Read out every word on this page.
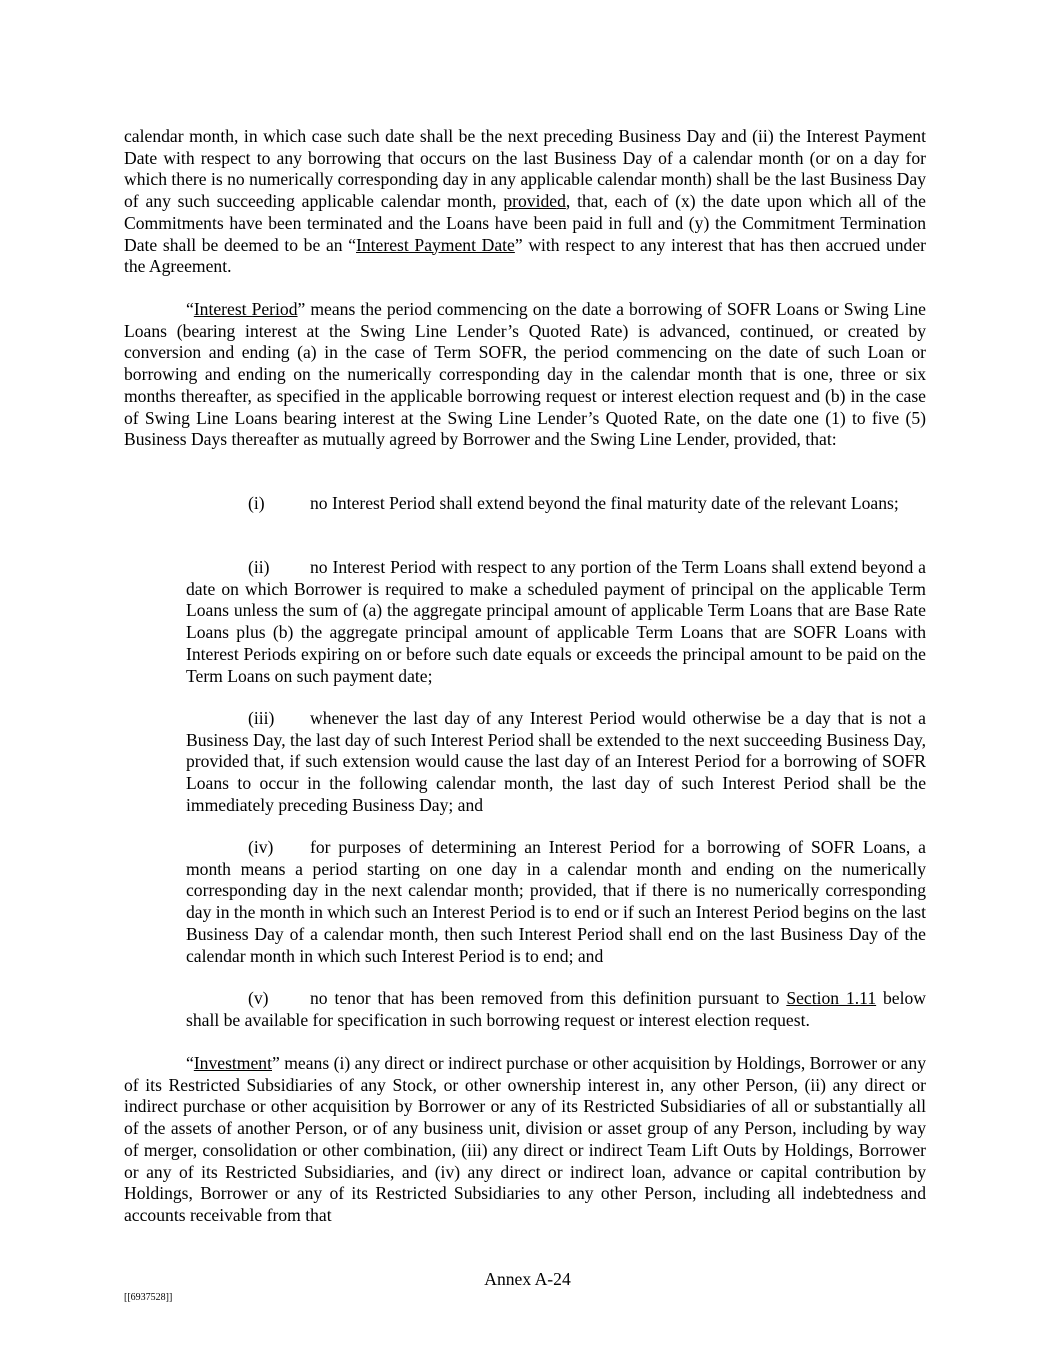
calendar month, in which case such date shall be the next preceding Business Day and (ii) the Interest Payment Date with respect to any borrowing that occurs on the last Business Day of a calendar month (or on a day for which there is no numerically corresponding day in any applicable calendar month) shall be the last Business Day of any such succeeding applicable calendar month, provided, that, each of (x) the date upon which all of the Commitments have been terminated and the Loans have been paid in full and (y) the Commitment Termination Date shall be deemed to be an “Interest Payment Date” with respect to any interest that has then accrued under the Agreement.

“Interest Period” means the period commencing on the date a borrowing of SOFR Loans or Swing Line Loans (bearing interest at the Swing Line Lender’s Quoted Rate) is advanced, continued, or created by conversion and ending (a) in the case of Term SOFR, the period commencing on the date of such Loan or borrowing and ending on the numerically corresponding day in the calendar month that is one, three or six months thereafter, as specified in the applicable borrowing request or interest election request and (b) in the case of Swing Line Loans bearing interest at the Swing Line Lender’s Quoted Rate, on the date one (1) to five (5) Business Days thereafter as mutually agreed by Borrower and the Swing Line Lender, provided, that:

(i)	no Interest Period shall extend beyond the final maturity date of the relevant Loans;

(ii) no Interest Period with respect to any portion of the Term Loans shall extend beyond a date on which Borrower is required to make a scheduled payment of principal on the applicable Term Loans unless the sum of (a) the aggregate principal amount of applicable Term Loans that are Base Rate Loans plus (b) the aggregate principal amount of applicable Term Loans that are SOFR Loans with Interest Periods expiring on or before such date equals or exceeds the principal amount to be paid on the Term Loans on such payment date;

(iii) whenever the last day of any Interest Period would otherwise be a day that is not a Business Day, the last day of such Interest Period shall be extended to the next succeeding Business Day, provided that, if such extension would cause the last day of an Interest Period for a borrowing of SOFR Loans to occur in the following calendar month, the last day of such Interest Period shall be the immediately preceding Business Day; and

(iv) for purposes of determining an Interest Period for a borrowing of SOFR Loans, a month means a period starting on one day in a calendar month and ending on the numerically corresponding day in the next calendar month; provided, that if there is no numerically corresponding day in the month in which such an Interest Period is to end or if such an Interest Period begins on the last Business Day of a calendar month, then such Interest Period shall end on the last Business Day of the calendar month in which such Interest Period is to end; and

(v) no tenor that has been removed from this definition pursuant to Section 1.11 below shall be available for specification in such borrowing request or interest election request.

“Investment” means (i) any direct or indirect purchase or other acquisition by Holdings, Borrower or any of its Restricted Subsidiaries of any Stock, or other ownership interest in, any other Person, (ii) any direct or indirect purchase or other acquisition by Borrower or any of its Restricted Subsidiaries of all or substantially all of the assets of another Person, or of any business unit, division or asset group of any Person, including by way of merger, consolidation or other combination, (iii) any direct or indirect Team Lift Outs by Holdings, Borrower or any of its Restricted Subsidiaries, and (iv) any direct or indirect loan, advance or capital contribution by Holdings, Borrower or any of its Restricted Subsidiaries to any other Person, including all indebtedness and accounts receivable from that

Annex A-24

[[6937528]]
